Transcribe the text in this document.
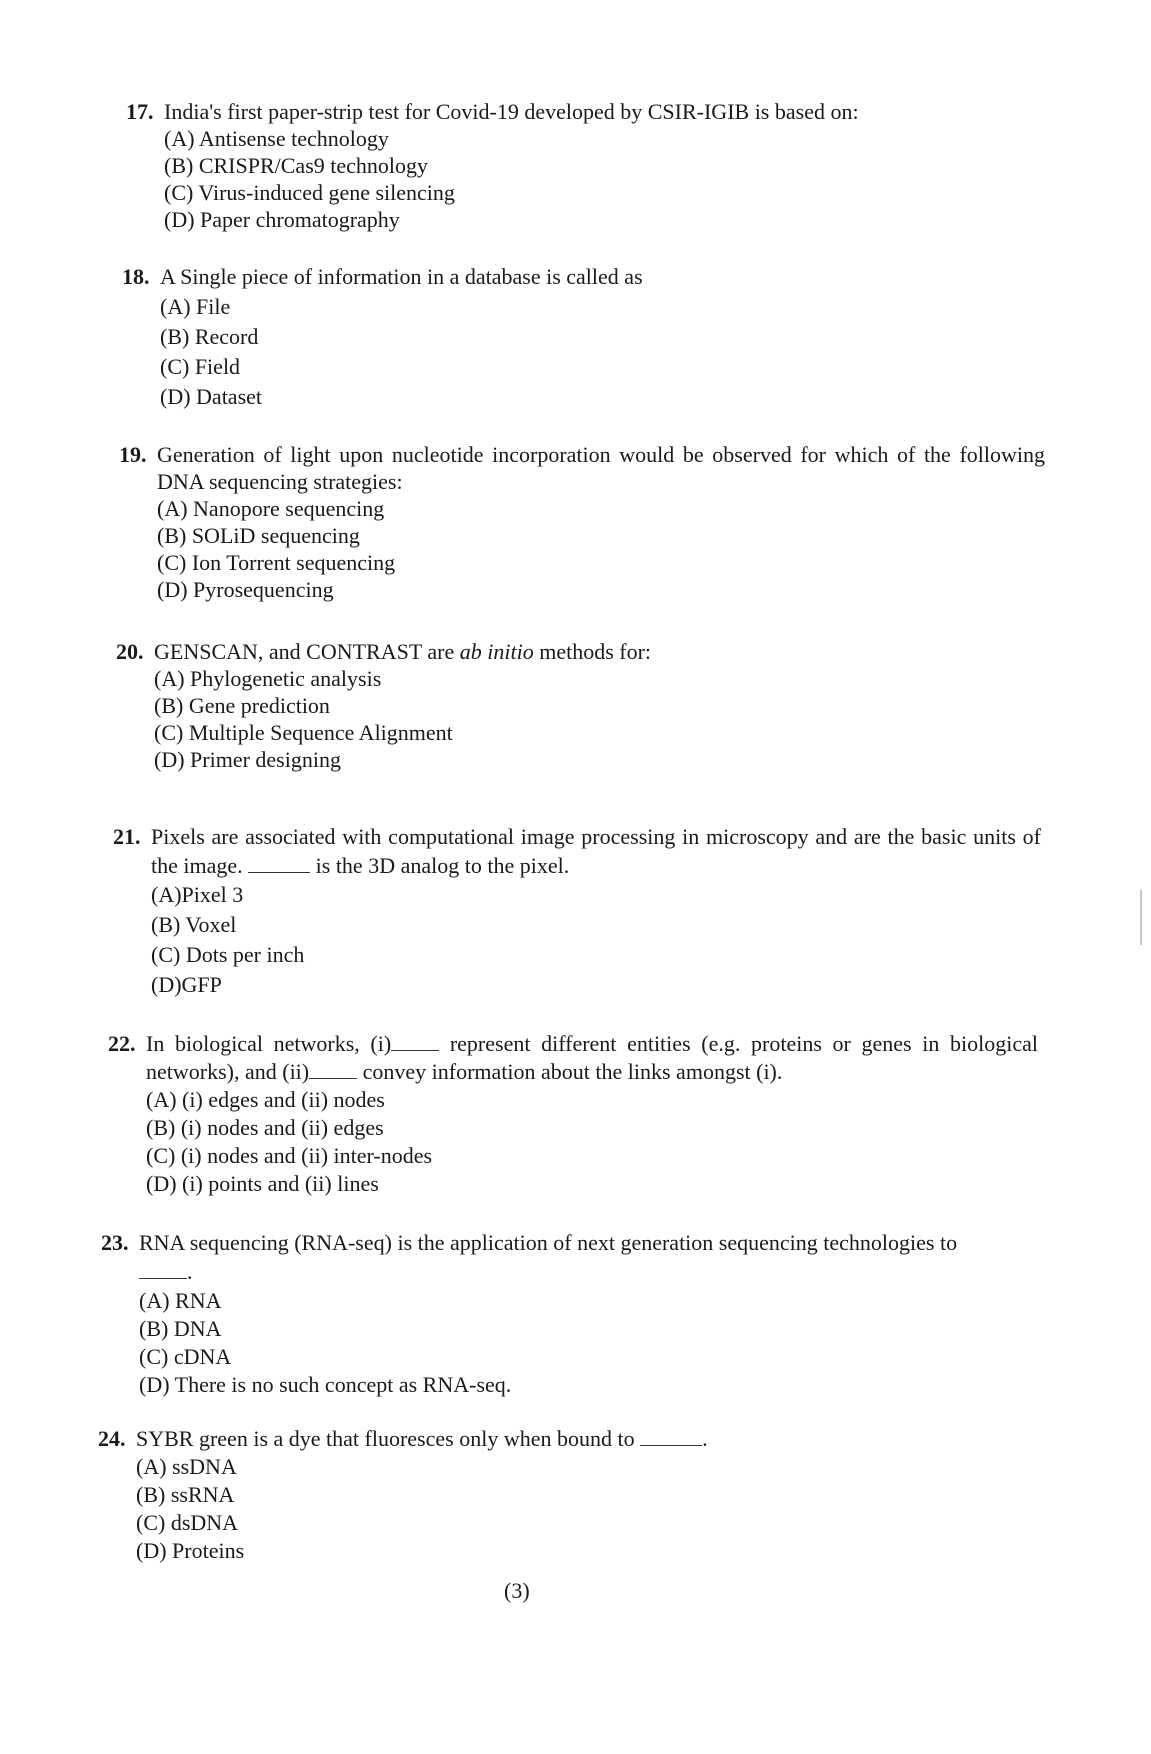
17. India's first paper-strip test for Covid-19 developed by CSIR-IGIB is based on:
(A) Antisense technology
(B) CRISPR/Cas9 technology
(C) Virus-induced gene silencing
(D) Paper chromatography
18. A Single piece of information in a database is called as
(A) File
(B) Record
(C) Field
(D) Dataset
19. Generation of light upon nucleotide incorporation would be observed for which of the following DNA sequencing strategies:
(A) Nanopore sequencing
(B) SOLiD sequencing
(C) Ion Torrent sequencing
(D) Pyrosequencing
20. GENSCAN, and CONTRAST are ab initio methods for:
(A) Phylogenetic analysis
(B) Gene prediction
(C) Multiple Sequence Alignment
(D) Primer designing
21. Pixels are associated with computational image processing in microscopy and are the basic units of the image.	is the 3D analog to the pixel.
(A)Pixel 3
(B) Voxel
(C) Dots per inch
(D)GFP
22. In biological networks, (i) represent different entities (e.g. proteins or genes in biological networks), and (ii) convey information about the links amongst (i).
(A) (i) edges and (ii) nodes
(B) (i) nodes and (ii) edges
(C) (i) nodes and (ii) inter-nodes
(D) (i) points and (ii) lines
23. RNA sequencing (RNA-seq) is the application of next generation sequencing technologies to
.
(A) RNA
(B) DNA
(C) cDNA
(D) There is no such concept as RNA-seq.
24. SYBR green is a dye that fluoresces only when bound to	.
(A) ssDNA
(B) ssRNA
(C) dsDNA
(D) Proteins
(3)
